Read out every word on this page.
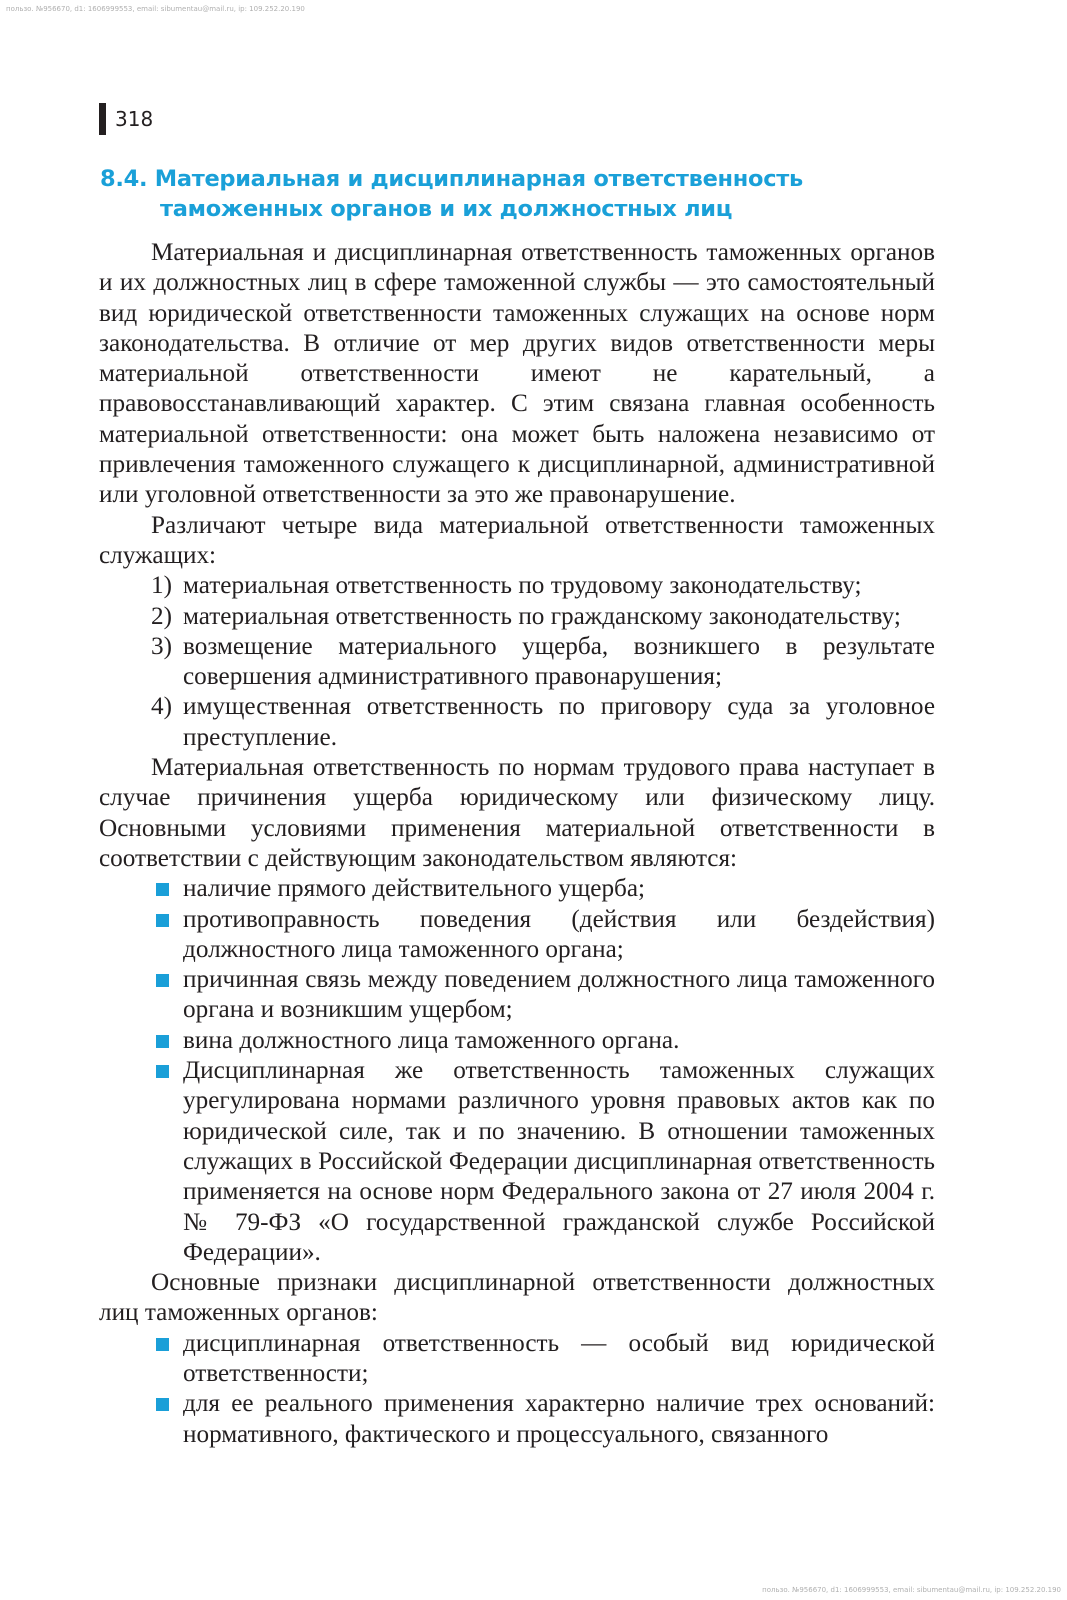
пользо. №956670, d1: 1606999553, email: sibumentau@mail.ru, ip: 109.252.20.190
318
8.4. Материальная и дисциплинарная ответственность
таможенных органов и их должностных лиц

Материальная и дисциплинарная ответственность таможенных органов и их должностных лиц в сфере таможенной службы — это самостоятельный вид юридической ответственности таможенных служащих на основе норм законодательства. В отличие от мер других видов ответственности меры материальной ответственности имеют не карательный, а правовосстанавливающий характер. С этим связана главная особенность материальной ответственности: она может быть наложена независимо от привлечения таможенного служащего к дисциплинарной, административной или уголовной ответственности за это же правонарушение.

Различают четыре вида материальной ответственности таможенных служащих:

1) материальная ответственность по трудовому законодательству;
2) материальная ответственность по гражданскому законодательству;
3) возмещение материального ущерба, возникшего в результате совершения административного правонарушения;
4) имущественная ответственность по приговору суда за уголовное преступление.

Материальная ответственность по нормам трудового права наступает в случае причинения ущерба юридическому или физическому лицу. Основными условиями применения материальной ответственности в соответствии с действующим законодательством являются:

наличие прямого действительного ущерба;
противоправность поведения (действия или бездействия) должностного лица таможенного органа;
причинная связь между поведением должностного лица таможенного органа и возникшим ущербом;
вина должностного лица таможенного органа.
Дисциплинарная же ответственность таможенных служащих урегулирована нормами различного уровня правовых актов как по юридической силе, так и по значению. В отношении таможенных служащих в Российской Федерации дисциплинарная ответственность применяется на основе норм Федерального закона от 27 июля 2004 г. № 79-ФЗ «О государственной гражданской службе Российской Федерации».

Основные признаки дисциплинарной ответственности должностных лиц таможенных органов:

дисциплинарная ответственность — особый вид юридической ответственности;
для ее реального применения характерно наличие трех оснований: нормативного, фактического и процессуального, связанного
пользо. №956670, d1: 1606999553, email: sibumentau@mail.ru, ip: 109.252.20.190
